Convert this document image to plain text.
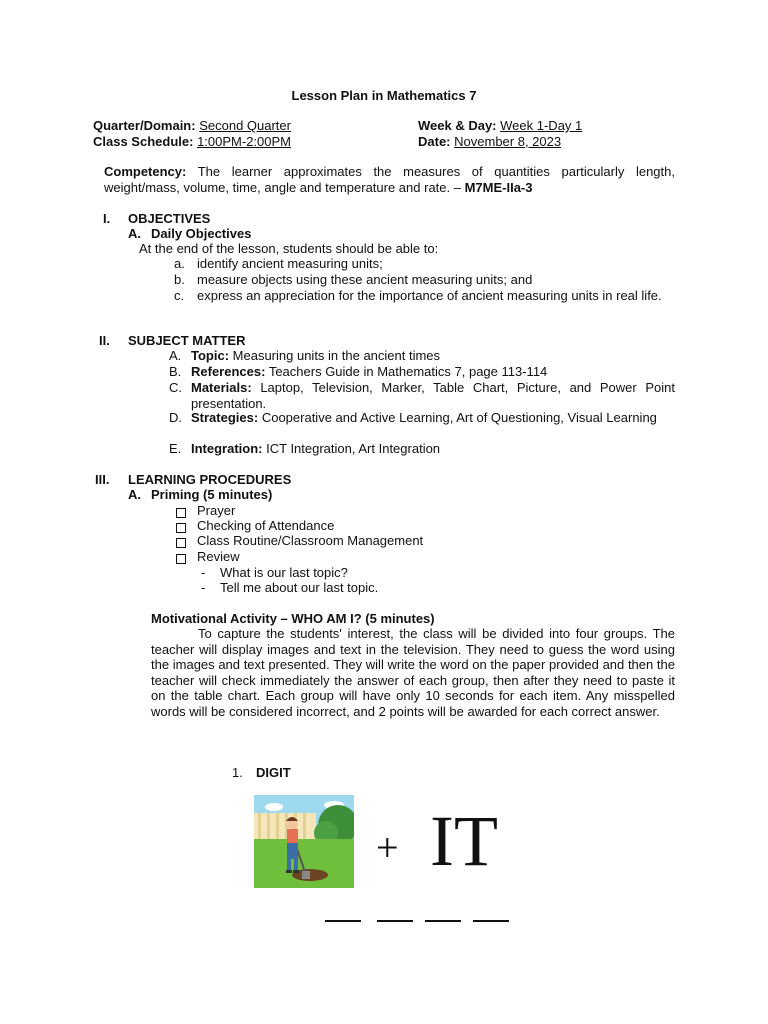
Lesson Plan in Mathematics 7
Quarter/Domain: Second Quarter
Class Schedule: 1:00PM-2:00PM
Week & Day: Week 1-Day 1
Date: November 8, 2023
Competency: The learner approximates the measures of quantities particularly length, weight/mass, volume, time, angle and temperature and rate. – M7ME-IIa-3
I. OBJECTIVES
A. Daily Objectives
At the end of the lesson, students should be able to:
a. identify ancient measuring units;
b. measure objects using these ancient measuring units; and
c. express an appreciation for the importance of ancient measuring units in real life.
II. SUBJECT MATTER
A. Topic: Measuring units in the ancient times
B. References: Teachers Guide in Mathematics 7, page 113-114
C. Materials: Laptop, Television, Marker, Table Chart, Picture, and Power Point presentation.
D. Strategies: Cooperative and Active Learning, Art of Questioning, Visual Learning
E. Integration: ICT Integration, Art Integration
III. LEARNING PROCEDURES
A. Priming (5 minutes)
Prayer
Checking of Attendance
Class Routine/Classroom Management
Review
- What is our last topic?
- Tell me about our last topic.
Motivational Activity – WHO AM I? (5 minutes)
To capture the students' interest, the class will be divided into four groups. The teacher will display images and text in the television. They need to guess the word using the images and text presented. They will write the word on the paper provided and then the teacher will check immediately the answer of each group, then after they need to paste it on the table chart. Each group will have only 10 seconds for each item. Any misspelled words will be considered incorrect, and 2 points will be awarded for each correct answer.
1. DIGIT
+ IT
